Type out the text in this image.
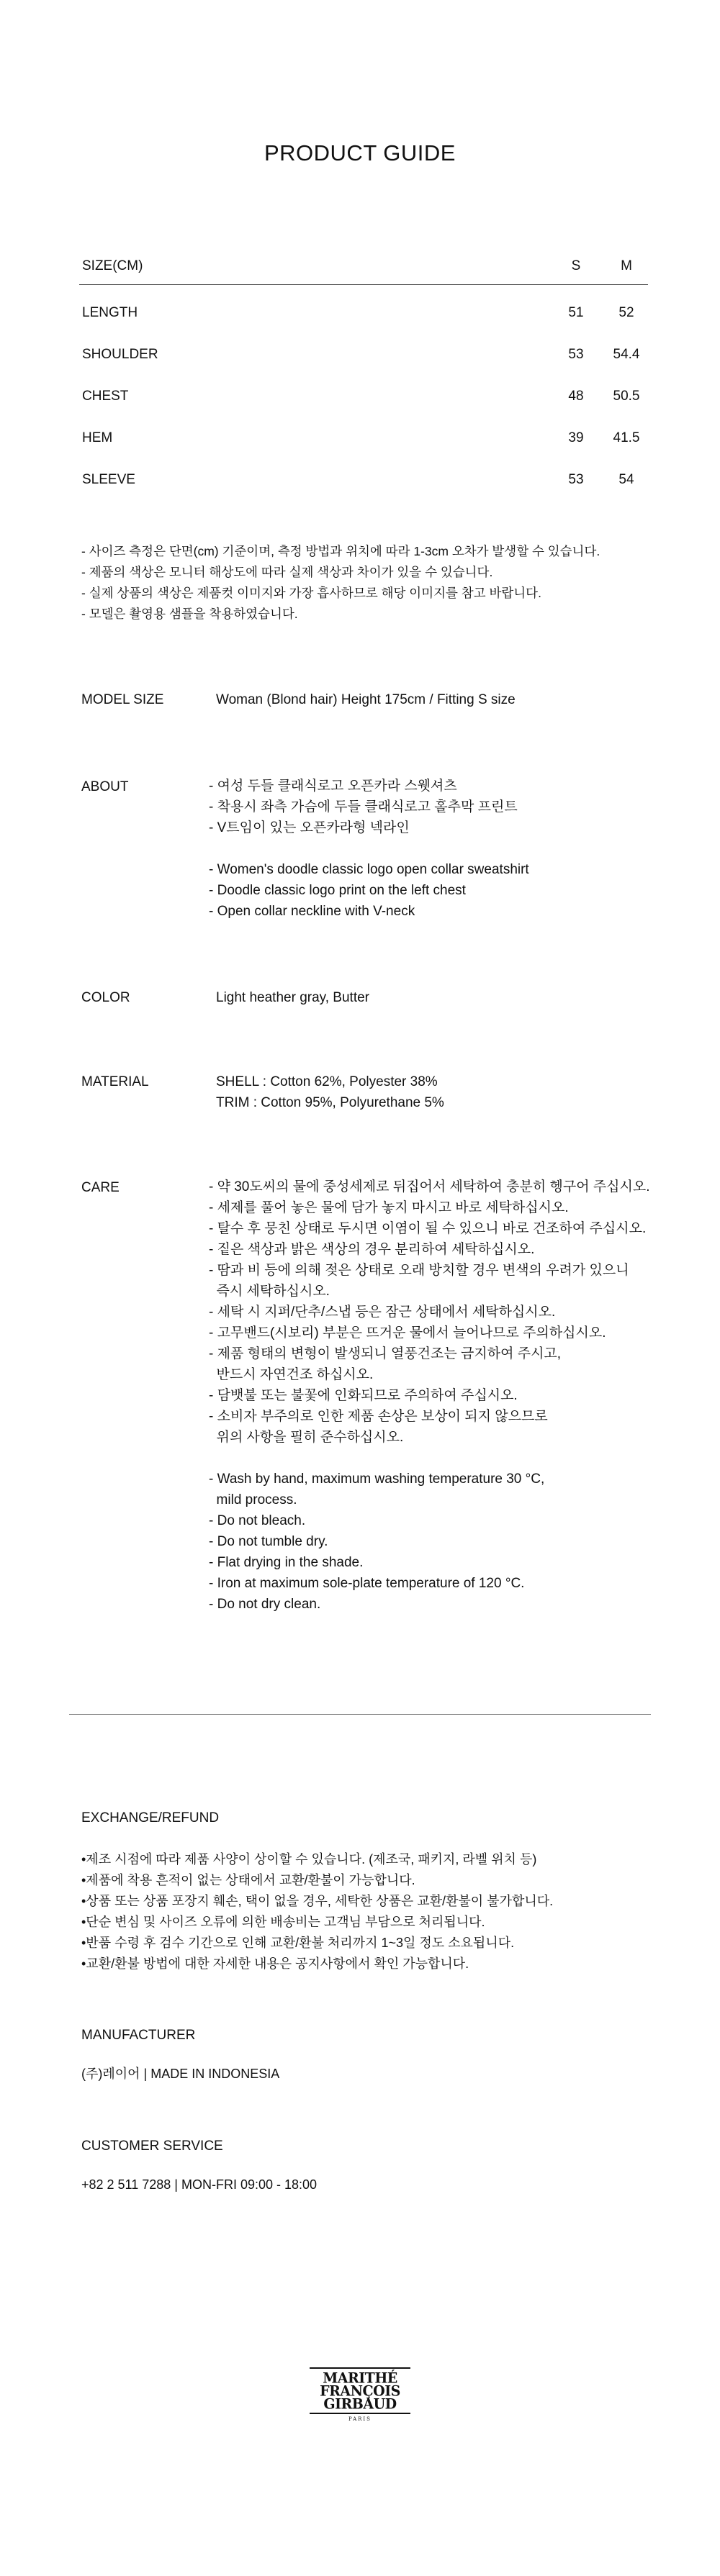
PRODUCT GUIDE
SIZE(CM)	S	M
LENGTH	51	52
SHOULDER	53	54.4
CHEST	48	50.5
HEM	39	41.5
SLEEVE	53	54
- 사이즈 측정은 단면(cm) 기준이며, 측정 방법과 위치에 따라 1-3cm 오차가 발생할 수 있습니다.
- 제품의 색상은 모니터 해상도에 따라 실제 색상과 차이가 있을 수 있습니다.
- 실제 상품의 색상은 제품컷 이미지와 가장 흡사하므로 해당 이미지를 참고 바랍니다.
- 모델은 촬영용 샘플을 착용하였습니다.
MODEL SIZE	Woman (Blond hair) Height 175cm / Fitting S size
ABOUT	- 여성 두들 클래식로고 오픈카라 스웻셔츠
- 착용시 좌측 가슴에 두들 클래식로고 홀추막 프린트
- V트임이 있는 오픈카라형 넥라인

- Women's doodle classic logo open collar sweatshirt
- Doodle classic logo print on the left chest
- Open collar neckline with V-neck
COLOR	Light heather gray, Butter
MATERIAL	SHELL : Cotton 62%, Polyester 38%
TRIM : Cotton 95%, Polyurethane 5%
CARE	- 약 30도씨의 물에 중성세제로 뒤집어서 세탁하여 충분히 헹구어 주십시오.
- 세제를 풀어 놓은 물에 담가 놓지 마시고 바로 세탁하십시오.
- 탈수 후 뭉친 상태로 두시면 이염이 될 수 있으니 바로 건조하여 주십시오.
- 짙은 색상과 밝은 색상의 경우 분리하여 세탁하십시오.
- 땀과 비 등에 의해 젖은 상태로 오래 방치할 경우 변색의 우려가 있으니
즉시 세탁하십시오.
- 세탁 시 지퍼/단추/스냅 등은 잠근 상태에서 세탁하십시오.
- 고무밴드(시보리) 부분은 뜨거운 물에서 늘어나므로 주의하십시오.
- 제품 형태의 변형이 발생되니 열풍건조는 금지하여 주시고,
반드시 자연건조 하십시오.
- 담뱃불 또는 불꽃에 인화되므로 주의하여 주십시오.
- 소비자 부주의로 인한 제품 손상은 보상이 되지 않으므로
위의 사항을 필히 준수하십시오.

- Wash by hand, maximum washing temperature 30 °C,
mild process.
- Do not bleach.
- Do not tumble dry.
- Flat drying in the shade.
- Iron at maximum sole-plate temperature of 120 °C.
- Do not dry clean.
EXCHANGE/REFUND
•제조 시점에 따라 제품 사양이 상이할 수 있습니다. (제조국, 패키지, 라벨 위치 등)
•제품에 착용 흔적이 없는 상태에서 교환/환불이 가능합니다.
•상품 또는 상품 포장지 훼손, 택이 없을 경우, 세탁한 상품은 교환/환불이 불가합니다.
•단순 변심 및 사이즈 오류에 의한 배송비는 고객님 부담으로 처리됩니다.
•반품 수령 후 검수 기간으로 인해 교환/환불 처리까지 1~3일 정도 소요됩니다.
•교환/환불 방법에 대한 자세한 내용은 공지사항에서 확인 가능합니다.
MANUFACTURER
(주)레이어 | MADE IN INDONESIA
CUSTOMER SERVICE
+82 2 511 7288 | MON-FRI 09:00 - 18:00
MARITHÉ
FRANÇOIS
GIRBAUD
PARIS
